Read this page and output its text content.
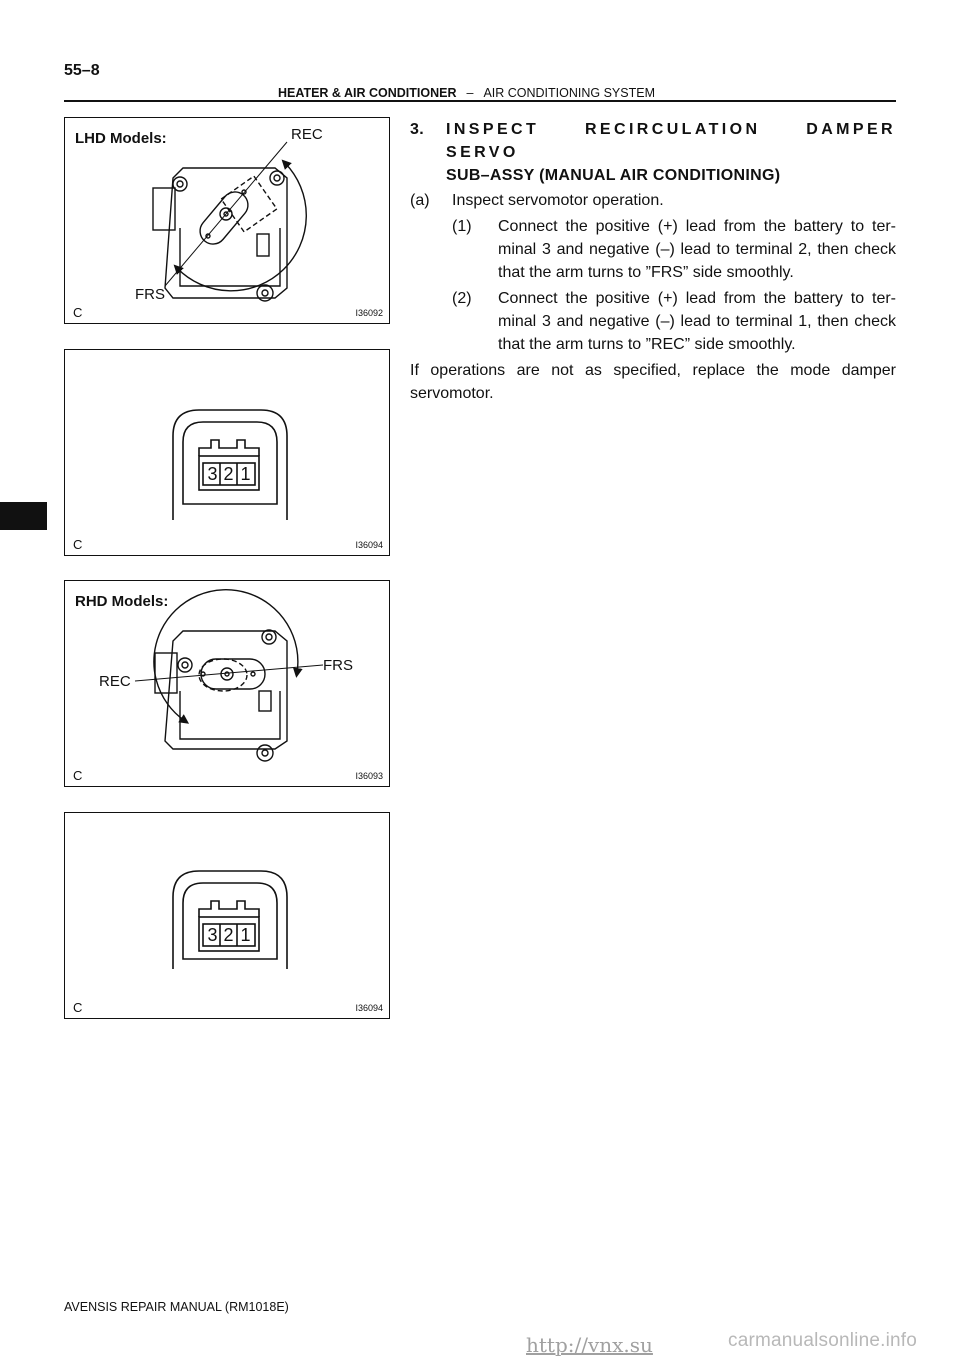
55–8
HEATER & AIR CONDITIONER – AIR CONDITIONING SYSTEM
LHD Models:	REC
FRS
C	I36092
3 2 1
C	I36094
RHD Models:
FRS
REC
C	I36093
3 2 1
C	I36094
3.	INSPECT RECIRCULATION DAMPER SERVO
SUB–ASSY (MANUAL AIR CONDITIONING)
(a)	Inspect servomotor operation.
(1)	Connect the positive (+) lead from the battery to ter-minal 3 and negative (–) lead to terminal 2, then check that the arm turns to ”FRS” side smoothly.
(2)	Connect the positive (+) lead from the battery to ter-minal 3 and negative (–) lead to terminal 1, then check that the arm turns to ”REC” side smoothly.
If operations are not as specified, replace the mode damper servomotor.
AVENSIS REPAIR MANUAL (RM1018E)
http://vnx.su	carmanualsonline.info
